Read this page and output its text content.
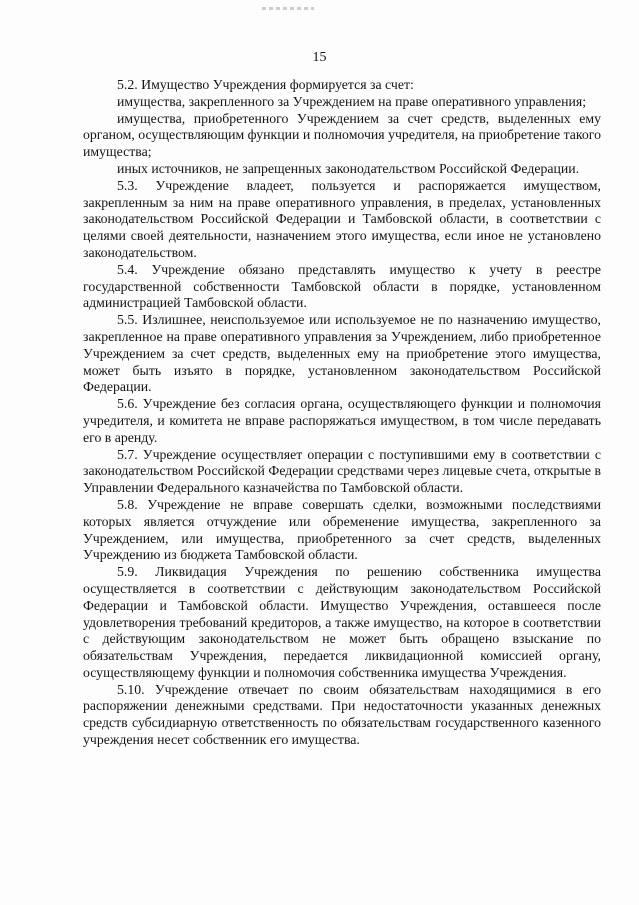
15

5.2. Имущество Учреждения формируется за счет:

имущества, закрепленного за Учреждением на праве оперативного управления;

имущества, приобретенного Учреждением за счет средств, выделенных ему органом, осуществляющим функции и полномочия учредителя, на приобретение такого имущества;

иных источников, не запрещенных законодательством Российской Федерации.

5.3. Учреждение владеет, пользуется и распоряжается имуществом, закрепленным за ним на праве оперативного управления, в пределах, установленных законодательством Российской Федерации и Тамбовской области, в соответствии с целями своей деятельности, назначением этого имущества, если иное не установлено законодательством.

5.4. Учреждение обязано представлять имущество к учету в реестре государственной собственности Тамбовской области в порядке, установленном администрацией Тамбовской области.

5.5. Излишнее, неиспользуемое или используемое не по назначению имущество, закрепленное на праве оперативного управления за Учреждением, либо приобретенное Учреждением за счет средств, выделенных ему на приобретение этого имущества, может быть изъято в порядке, установленном законодательством Российской Федерации.

5.6. Учреждение без согласия органа, осуществляющего функции и полномочия учредителя, и комитета не вправе распоряжаться имуществом, в том числе передавать его в аренду.

5.7. Учреждение осуществляет операции с поступившими ему в соответствии с законодательством Российской Федерации средствами через лицевые счета, открытые в Управлении Федерального казначейства по Тамбовской области.

5.8. Учреждение не вправе совершать сделки, возможными последствиями которых является отчуждение или обременение имущества, закрепленного за Учреждением, или имущества, приобретенного за счет средств, выделенных Учреждению из бюджета Тамбовской области.

5.9. Ликвидация Учреждения по решению собственника имущества осуществляется в соответствии с действующим законодательством Российской Федерации и Тамбовской области. Имущество Учреждения, оставшееся после удовлетворения требований кредиторов, а также имущество, на которое в соответствии с действующим законодательством не может быть обращено взыскание по обязательствам Учреждения, передается ликвидационной комиссией органу, осуществляющему функции и полномочия собственника имущества Учреждения.

5.10. Учреждение отвечает по своим обязательствам находящимися в его распоряжении денежными средствами. При недостаточности указанных денежных средств субсидиарную ответственность по обязательствам государственного казенного учреждения несет собственник его имущества.
